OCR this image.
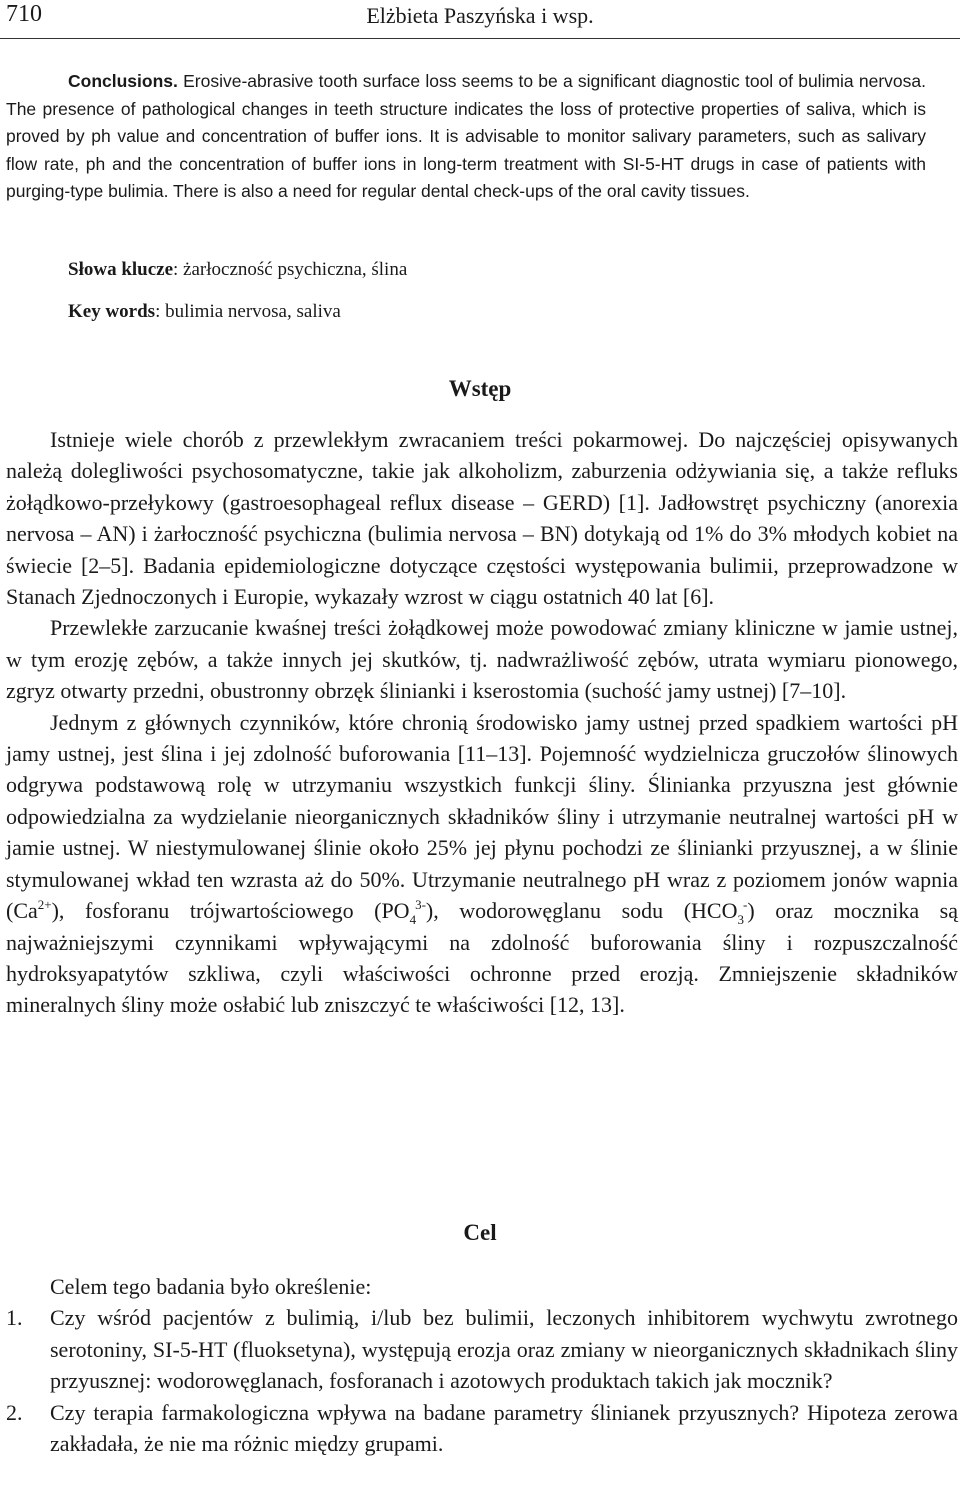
710	Elżbieta Paszyńska i wsp.

Conclusions. Erosive-abrasive tooth surface loss seems to be a significant diagnostic tool of bulimia nervosa. The presence of pathological changes in teeth structure indicates the loss of protective properties of saliva, which is proved by ph value and concentration of buffer ions. It is advisable to monitor salivary parameters, such as salivary flow rate, ph and the concentration of buffer ions in long-term treatment with SI-5-HT drugs in case of patients with purging-type bulimia. There is also a need for regular dental check-ups of the oral cavity tissues.

Słowa klucze: żarłoczność psychiczna, ślina
Key words: bulimia nervosa, saliva
Wstęp

Istnieje wiele chorób z przewlekłym zwracaniem treści pokarmowej. Do najczęściej opisywanych należą dolegliwości psychosomatyczne, takie jak alkoholizm, zaburzenia odżywiania się, a także refluks żołądkowo-przełykowy (gastroesophageal reflux disease – GERD) [1]. Jadłowstręt psychiczny (anorexia nervosa – AN) i żarłoczność psychiczna (bulimia nervosa – BN) dotykają od 1% do 3% młodych kobiet na świecie [2–5]. Badania epidemiologiczne dotyczące częstości występowania bulimii, przeprowadzone w Stanach Zjednoczonych i Europie, wykazały wzrost w ciągu ostatnich 40 lat [6].

Przewlekłe zarzucanie kwaśnej treści żołądkowej może powodować zmiany kliniczne w jamie ustnej, w tym erozję zębów, a także innych jej skutków, tj. nadwrażliwość zębów, utrata wymiaru pionowego, zgryz otwarty przedni, obustronny obrzęk ślinianki i kserostomia (suchość jamy ustnej) [7–10].

Jednym z głównych czynników, które chronią środowisko jamy ustnej przed spadkiem wartości pH jamy ustnej, jest ślina i jej zdolność buforowania [11–13]. Pojemność wydzielnicza gruczołów ślinowych odgrywa podstawową rolę w utrzymaniu wszystkich funkcji śliny. Ślinianka przyuszna jest głównie odpowiedzialna za wydzielanie nieorganicznych składników śliny i utrzymanie neutralnej wartości pH w jamie ustnej. W niestymulowanej ślinie około 25% jej płynu pochodzi ze ślinianki przyusznej, a w ślinie stymulowanej wkład ten wzrasta aż do 50%. Utrzymanie neutralnego pH wraz z poziomem jonów wapnia $(Ca^{2+})$, fosforanu trójwartościowego $(PO_4^{3-})$, wodorowęglanu sodu $(HCO_3^-)$ oraz mocznika są najważniejszymi czynnikami wpływającymi na zdolność buforowania śliny i rozpuszczalność hydroksyapatytów szkliwa, czyli właściwości ochronne przed erozją. Zmniejszenie składników mineralnych śliny może osłabić lub zniszczyć te właściwości [12, 13].

Cel

Celem tego badania było określenie:

1. Czy wśród pacjentów z bulimią, i/lub bez bulimii, leczonych inhibitorem wychwytu zwrotnego serotoniny, SI-5-HT (fluoksetyna), występują erozja oraz zmiany w nieorganicznych składnikach śliny przyusznej: wodorowęglanach, fosforanach i azotowych produktach takich jak mocznik?
2. Czy terapia farmakologiczna wpływa na badane parametry ślinianek przyusznych? Hipoteza zerowa zakładała, że nie ma różnic między grupami.
